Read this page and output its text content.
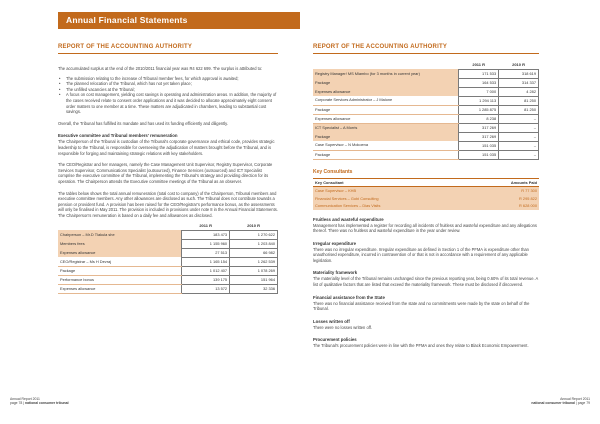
Annual Financial Statements
REPORT OF THE ACCOUNTING AUTHORITY

The accumulated surplus at the end of the 2010/2011 financial year was R4 622 699. The surplus is attributed to:

• The submission relating to the increase of Tribunal member fees, for which approval is awaited;
• The planned relocation of the Tribunal, which has not yet taken place;
• The unfilled vacancies at the Tribunal;
• A focus on cost management, yielding cost savings in operating and administration areas. In addition, the majority of the cases received relate to consent order applications and it was decided to allocate approximately eight consent order matters to one member at a time. These matters are adjudicated in chambers, leading to substantial cost savings.

Overall, the Tribunal has fulfilled its mandate and has used its funding efficiently and diligently.

Executive committee and Tribunal members' remuneration

The Chairperson of the Tribunal is custodian of the Tribunal's corporate governance and ethical code, provides strategic leadership to the Tribunal, is responsible for overseeing the adjudication of matters brought before the Tribunal, and is responsible for forging and maintaining strategic relations with key stakeholders.

The CEO/Registrar and her managers, namely the Case Management Unit Supervisor, Registry Supervisor, Corporate Services Supervisor, Communications Specialist (outsourced), Finance Services (outsourced) and ICT Specialist comprise the executive committee of the Tribunal, implementing the Tribunal's strategy and providing direction for its operation. The Chairperson attends the Executive committee meetings of the Tribunal as an observer.

The tables below shows the total annual remuneration (total cost to company) of the Chairperson, Tribunal members and executive committee members. Any other allowances are disclosed as such. The Tribunal does not contribute towards a pension or provident fund. A provision has been raised for the CEO/Registrar's performance bonus, as the assessments will only be finalised in May 2011. The provision is included in provisions under note 8 in the Annual Financial Statements. The Chairperson's remuneration is based on a daily fee and allowances as disclosed.

	2011 R	2010 R
Chairperson – Mr.D Tlakula she	183 473	1 270 622
Members fees	1 155 960	1 203 840
Expenses allowance	27 513	66 982
CEO/Registrar – Ms H Devraj	1 165 154	1 262 539
Package	1 012 407	1 078 269
Performance bonus	139 175	151 964
Expenses allowance	13 572	32 336
REPORT OF THE ACCOUNTING AUTHORITY
	2011 R	2010 R
Registry Manager/ MS Mlambo (for 3 months in current year)	171 533	318 619
Package	164 533	314 337
Expenses allowance	7 000	4 282
Corporate Services Administrator – J Malone	1 294 113	81 250
Package	1 285 875	81 250
Expenses allowance	8 238	–
ICT Specialist – A Morris	317 269	–
Package	317 269	–
Case Supervisor – N Mokoena	151 035	–
Package	151 035	–
Key Consultants
Key Consultant	Amounts Paid
Case Supervisor – KHB	R 77 300
Financial Services – Gobi Consulting	R 295 822
Communication Services – Dias Visits	R 628 000
Fruitless and wasteful expenditure

Management has implemented a register for recording all incidents of fruitless and wasteful expenditure and any allegations thereof. There was no fruitless and wasteful expenditure in the year under review.

Irregular expenditure

There was no irregular expenditure. Irregular expenditure as defined in Section 1 of the PFMA is expenditure other than unauthorised expenditure, incurred in contravention of or that is not in accordance with a requirement of any applicable legislation.

Materiality framework

The materiality level of the Tribunal remains unchanged since the previous reporting year, being 0.60% of its total revenue. A list of qualitative factors that are listed that exceed the materiality framework. These must be disclosed if discovered.

Financial assistance from the State

There was no financial assistance received from the state and no commitments were made by the state on behalf of the Tribunal.

Losses written off

There were no losses written off.

Procurement policies

The Tribunal's procurement policies were in line with the PFMA and ones they relate to Black Economic Empowerment.

Annual Report 2011
page 78 | national consumer tribunal
Annual Report 2011
national consumer tribunal | page 79
